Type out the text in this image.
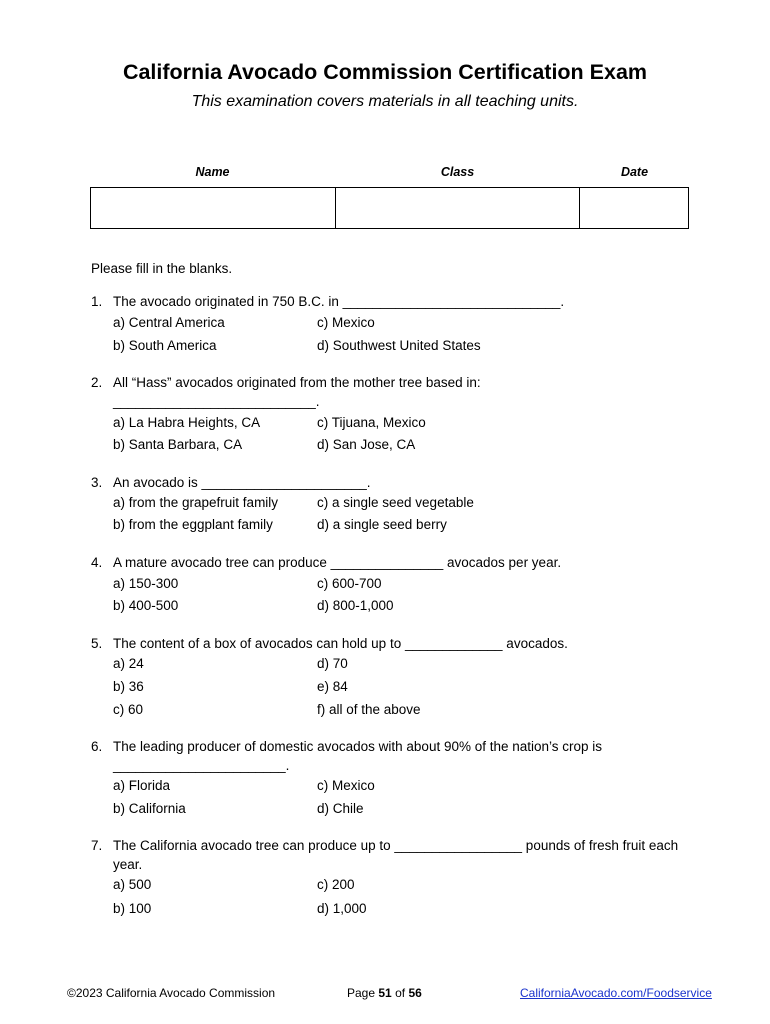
California Avocado Commission Certification Exam
This examination covers materials in all teaching units.
Name	Class	Date

Please fill in the blanks.
1. The avocado originated in 750 B.C. in _____________________________.
a) Central America
b) South America
c) Mexico
d) Southwest United States
2. All “Hass” avocados originated from the mother tree based in: ___________________________.
a) La Habra Heights, CA
b) Santa Barbara, CA
c) Tijuana, Mexico
d) San Jose, CA
3. An avocado is ______________________.
a) from the grapefruit family
b) from the eggplant family
c) a single seed vegetable
d) a single seed berry
4. A mature avocado tree can produce _______________ avocados per year.
a) 150-300
b) 400-500
c) 600-700
d) 800-1,000
5. The content of a box of avocados can hold up to _____________ avocados.
a) 24
b) 36
c) 60
d) 70
e) 84
f) all of the above
6. The leading producer of domestic avocados with about 90% of the nation’s crop is _______________________.
a) Florida
b) California
c) Mexico
d) Chile
7. The California avocado tree can produce up to _________________ pounds of fresh fruit each year.
a) 500
b) 100
c) 200
d) 1,000
©2023 California Avocado Commission	Page 51 of 56	CaliforniaAvocado.com/Foodservice
